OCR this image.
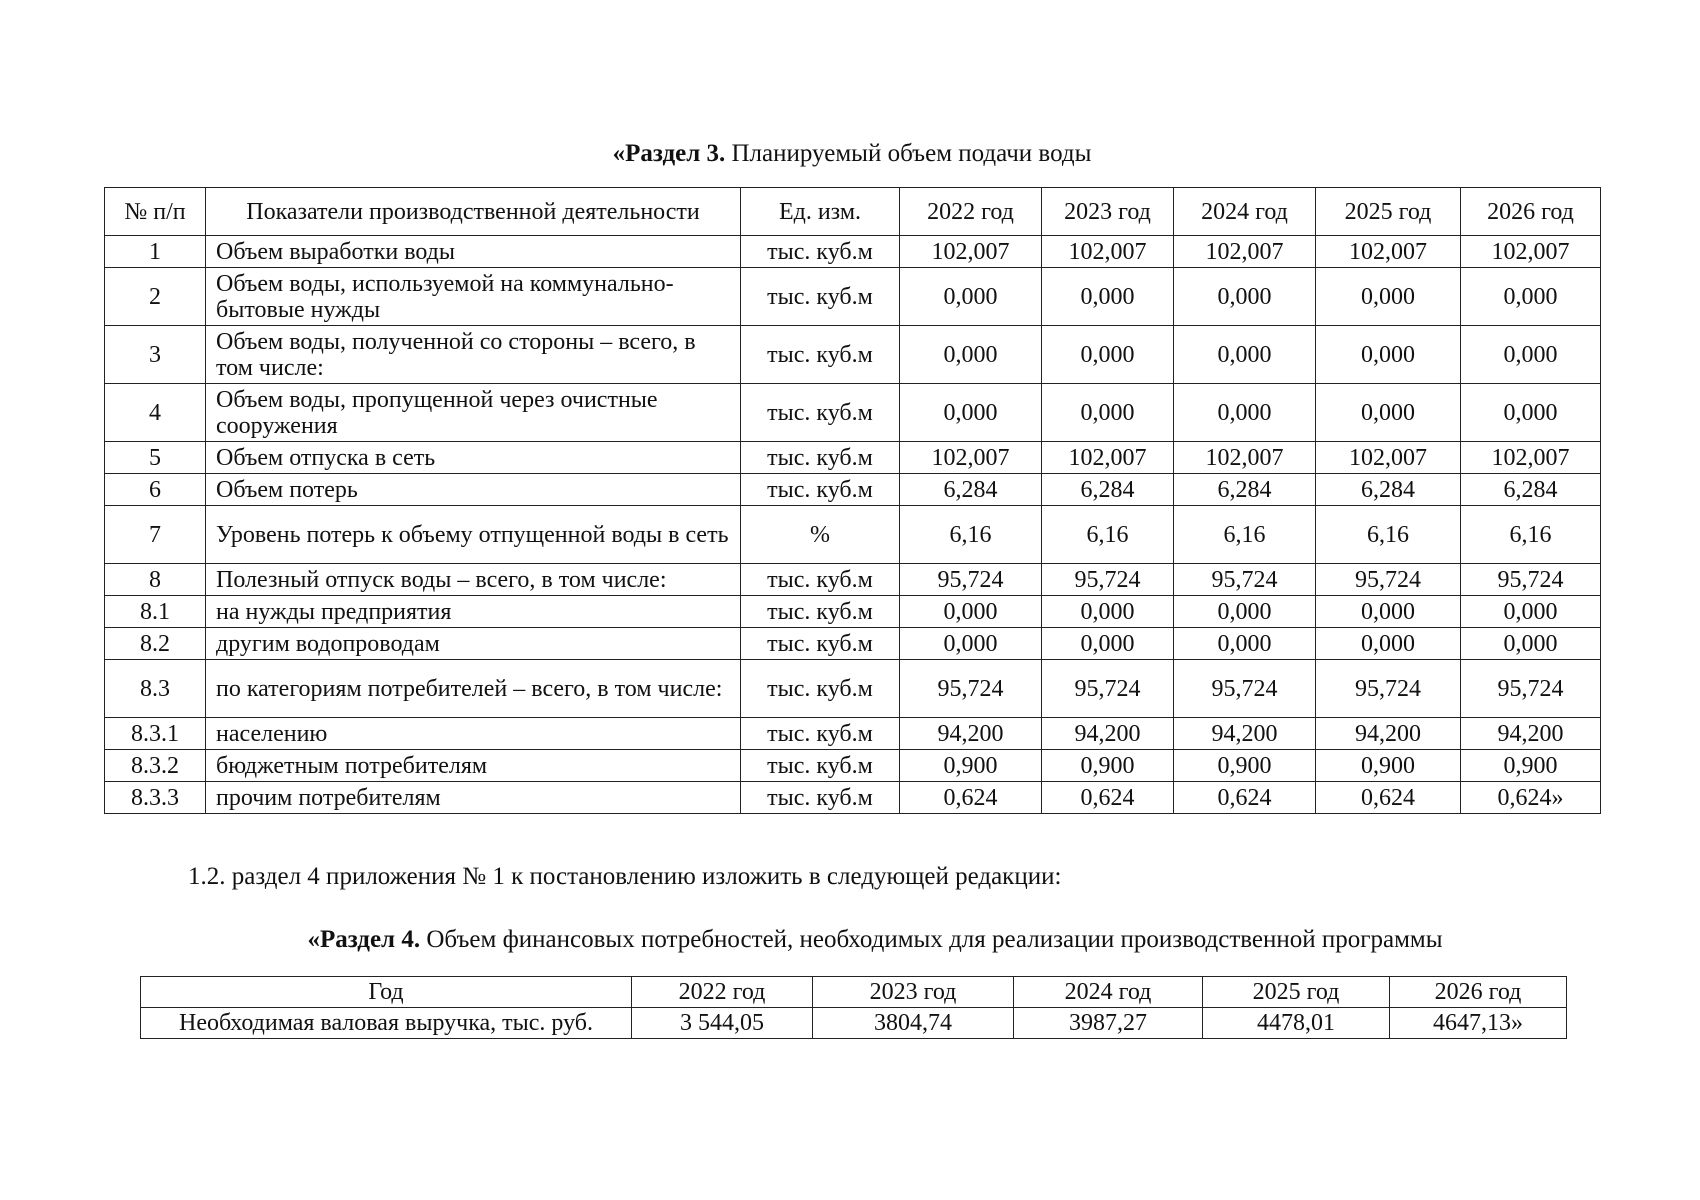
«Раздел 3. Планируемый объем подачи воды
№ п/п	Показатели производственной деятельности	Ед. изм.	2022 год	2023 год	2024 год	2025 год	2026 год
1	Объем выработки воды	тыс. куб.м	102,007	102,007	102,007	102,007	102,007
2	Объем воды, используемой на коммунально-бытовые нужды	тыс. куб.м	0,000	0,000	0,000	0,000	0,000
3	Объем воды, полученной со стороны – всего, в том числе:	тыс. куб.м	0,000	0,000	0,000	0,000	0,000
4	Объем воды, пропущенной через очистные сооружения	тыс. куб.м	0,000	0,000	0,000	0,000	0,000
5	Объем отпуска в сеть	тыс. куб.м	102,007	102,007	102,007	102,007	102,007
6	Объем потерь	тыс. куб.м	6,284	6,284	6,284	6,284	6,284
7	Уровень потерь к объему отпущенной воды в сеть	%	6,16	6,16	6,16	6,16	6,16
8	Полезный отпуск воды – всего, в том числе:	тыс. куб.м	95,724	95,724	95,724	95,724	95,724
8.1	на нужды предприятия	тыс. куб.м	0,000	0,000	0,000	0,000	0,000
8.2	другим водопроводам	тыс. куб.м	0,000	0,000	0,000	0,000	0,000
8.3	по категориям потребителей – всего, в том числе:	тыс. куб.м	95,724	95,724	95,724	95,724	95,724
8.3.1	населению	тыс. куб.м	94,200	94,200	94,200	94,200	94,200
8.3.2	бюджетным потребителям	тыс. куб.м	0,900	0,900	0,900	0,900	0,900
8.3.3	прочим потребителям	тыс. куб.м	0,624	0,624	0,624	0,624	0,624»
1.2. раздел 4 приложения № 1 к постановлению изложить в следующей редакции:
«Раздел 4. Объем финансовых потребностей, необходимых для реализации производственной программы
Год	2022 год	2023 год	2024 год	2025 год	2026 год
Необходимая валовая выручка, тыс. руб.	3 544,05	3804,74	3987,27	4478,01	4647,13»
